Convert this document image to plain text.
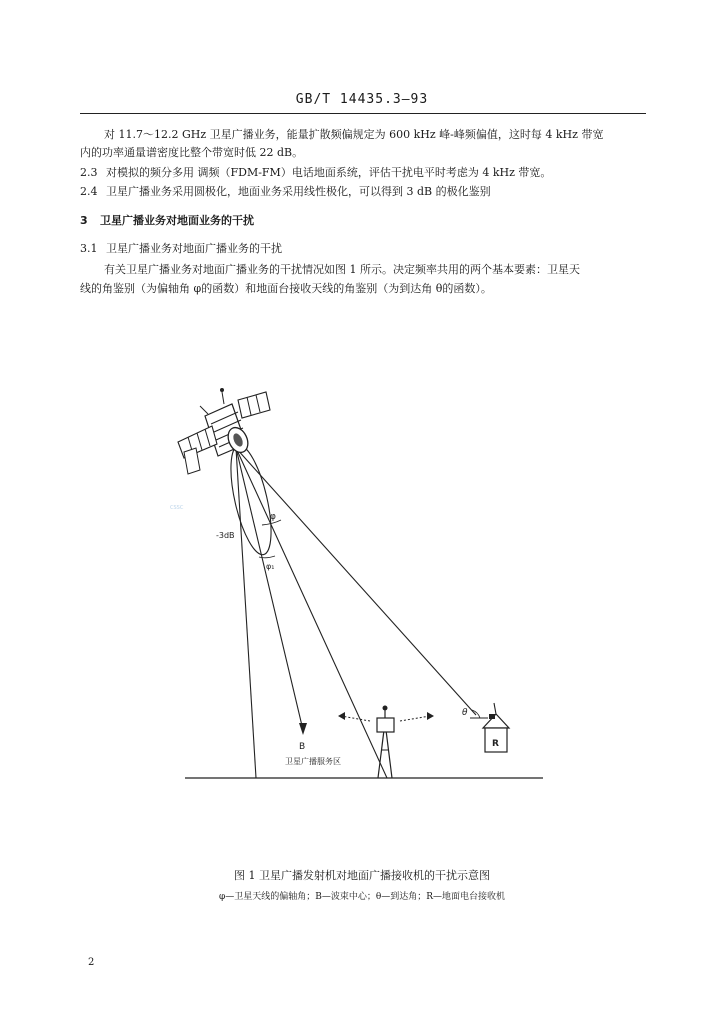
GB/T 14435.3—93
对 11.7～12.2 GHz 卫星广播业务，能量扩散频偏规定为 600 kHz 峰-峰频偏值，这时每 4 kHz 带宽
内的功率通量谱密度比整个带宽时低 22 dB。
2.3 对模拟的频分多用 调频（FDM-FM）电话地面系统，评估干扰电平时考虑为 4 kHz 带宽。
2.4 卫星广播业务采用圆极化，地面业务采用线性极化，可以得到 3 dB 的极化鉴别
3 卫星广播业务对地面业务的干扰
3.1 卫星广播业务对地面广播业务的干扰
有关卫星广播业务对地面广播业务的干扰情况如图 1 所示。决定频率共用的两个基本要素：卫星天
线的角鉴别（为偏轴角 φ的函数）和地面台接收天线的角鉴别（为到达角 θ的函数）。
-3dB
φ
φ₁
B
卫星广播服务区
θ
R
CSSC
图 1 卫星广播发射机对地面广播接收机的干扰示意图
φ—卫星天线的偏轴角；B—波束中心；θ—到达角；R—地面电台接收机
2
